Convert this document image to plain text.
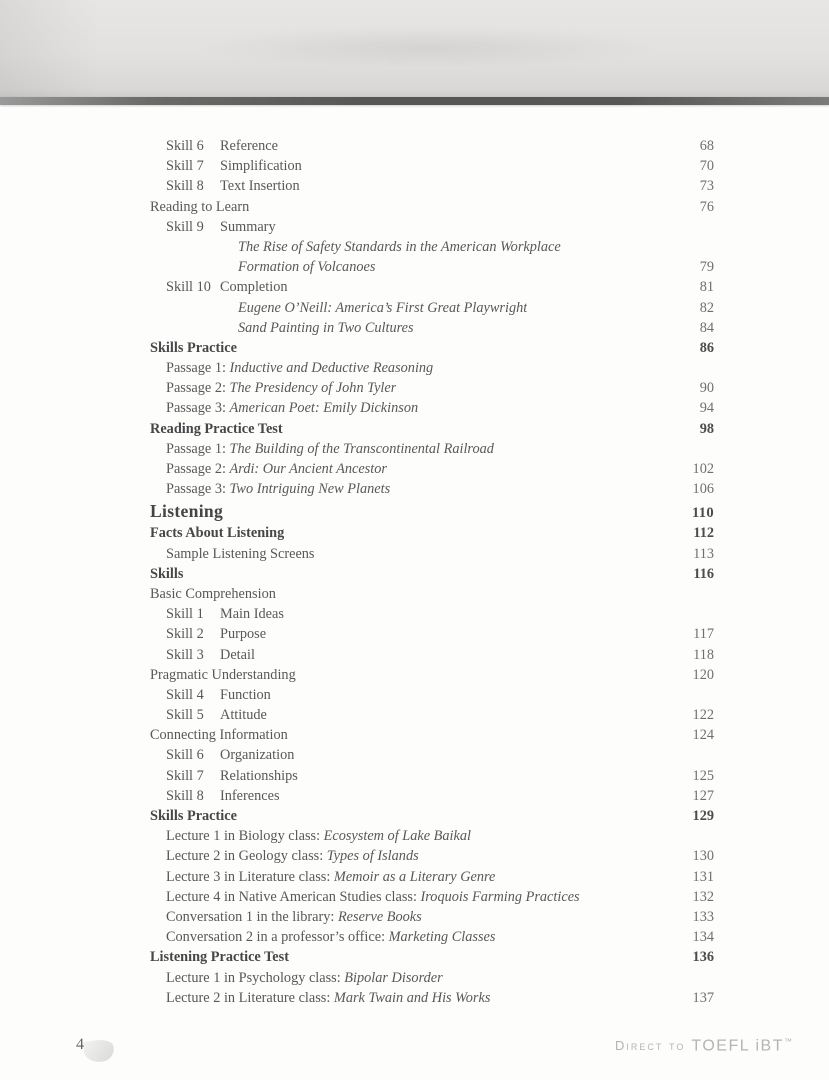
Skill 6 Reference	68
Skill 7 Simplification	70
Skill 8 Text Insertion	73
Reading to Learn	76
Skill 9 Summary
The Rise of Safety Standards in the American Workplace
Formation of Volcanoes	79
Skill 10 Completion	81
Eugene O’Neill: America’s First Great Playwright	82
Sand Painting in Two Cultures	84
Skills Practice	86
Passage 1: Inductive and Deductive Reasoning
Passage 2: The Presidency of John Tyler	90
Passage 3: American Poet: Emily Dickinson	94
Reading Practice Test	98
Passage 1: The Building of the Transcontinental Railroad
Passage 2: Ardi: Our Ancient Ancestor	102
Passage 3: Two Intriguing New Planets	106
Listening	110
Facts About Listening	112
Sample Listening Screens	113
Skills	116
Basic Comprehension
Skill 1 Main Ideas
Skill 2 Purpose	117
Skill 3 Detail	118
Pragmatic Understanding	120
Skill 4 Function
Skill 5 Attitude	122
Connecting Information	124
Skill 6 Organization
Skill 7 Relationships	125
Skill 8 Inferences	127
Skills Practice	129
Lecture 1 in Biology class: Ecosystem of Lake Baikal
Lecture 2 in Geology class: Types of Islands	130
Lecture 3 in Literature class: Memoir as a Literary Genre	131
Lecture 4 in Native American Studies class: Iroquois Farming Practices	132
Conversation 1 in the library: Reserve Books	133
Conversation 2 in a professor’s office: Marketing Classes	134
Listening Practice Test	136
Lecture 1 in Psychology class: Bipolar Disorder
Lecture 2 in Literature class: Mark Twain and His Works	137
4	Direct to TOEFL iBT™
